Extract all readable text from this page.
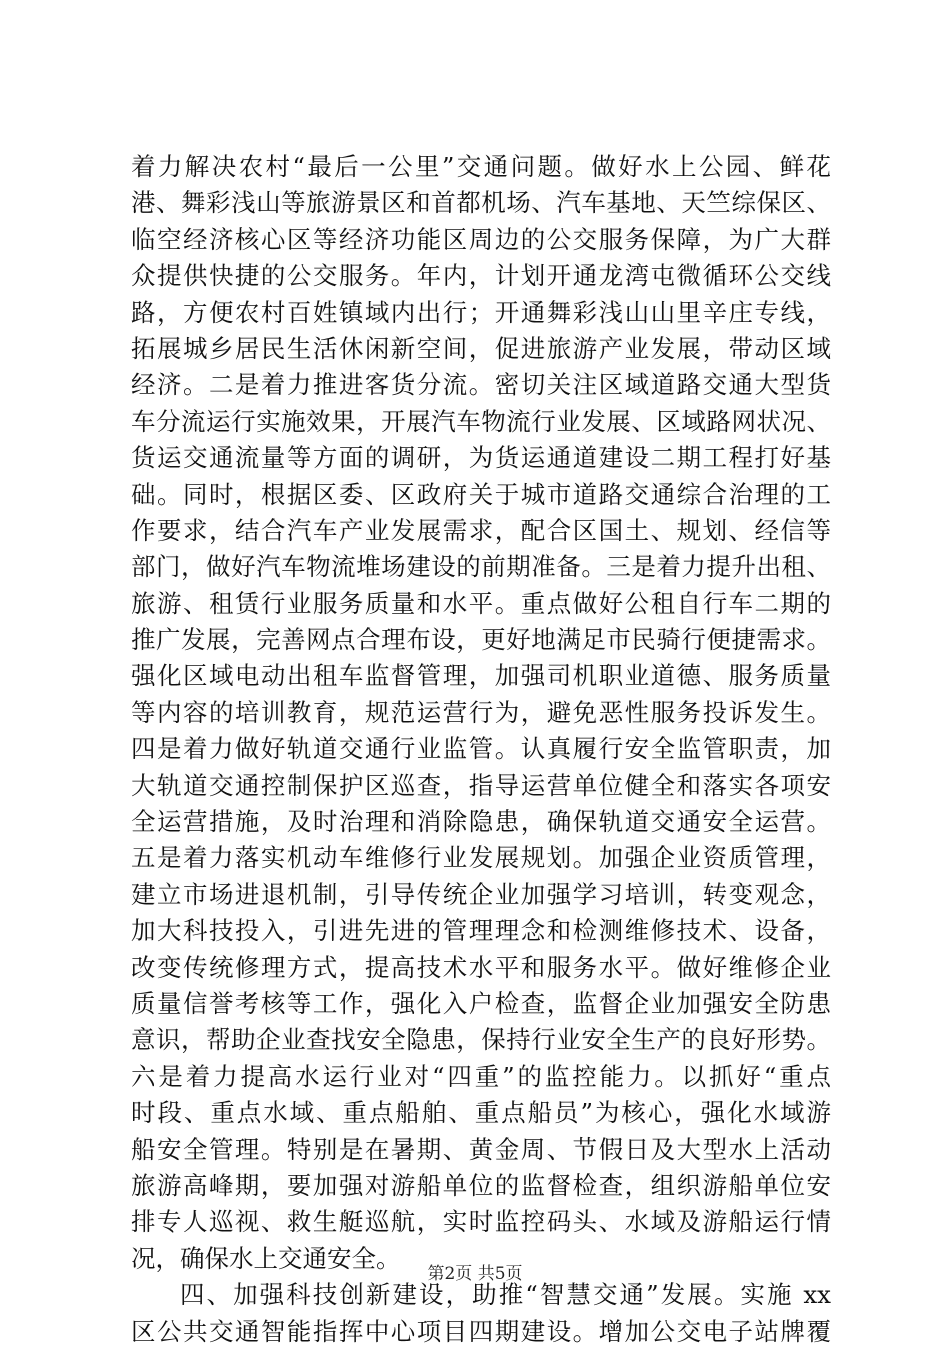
着力解决农村“最后一公里”交通问题。做好水上公园、鲜花
港、舞彩浅山等旅游景区和首都机场、汽车基地、天竺综保区、
临空经济核心区等经济功能区周边的公交服务保障，为广大群
众提供快捷的公交服务。年内，计划开通龙湾屯微循环公交线
路，方便农村百姓镇域内出行；开通舞彩浅山山里辛庄专线，
拓展城乡居民生活休闲新空间，促进旅游产业发展，带动区域
经济。二是着力推进客货分流。密切关注区域道路交通大型货
车分流运行实施效果，开展汽车物流行业发展、区域路网状况、
货运交通流量等方面的调研，为货运通道建设二期工程打好基
础。同时，根据区委、区政府关于城市道路交通综合治理的工
作要求，结合汽车产业发展需求，配合区国土、规划、经信等
部门，做好汽车物流堆场建设的前期准备。三是着力提升出租、
旅游、租赁行业服务质量和水平。重点做好公租自行车二期的
推广发展，完善网点合理布设，更好地满足市民骑行便捷需求。
强化区域电动出租车监督管理，加强司机职业道德、服务质量
等内容的培训教育，规范运营行为，避免恶性服务投诉发生。
四是着力做好轨道交通行业监管。认真履行安全监管职责，加
大轨道交通控制保护区巡查，指导运营单位健全和落实各项安
全运营措施，及时治理和消除隐患，确保轨道交通安全运营。
五是着力落实机动车维修行业发展规划。加强企业资质管理，
建立市场进退机制，引导传统企业加强学习培训，转变观念，
加大科技投入，引进先进的管理理念和检测维修技术、设备，
改变传统修理方式，提高技术水平和服务水平。做好维修企业
质量信誉考核等工作，强化入户检查，监督企业加强安全防患
意识，帮助企业查找安全隐患，保持行业安全生产的良好形势。
六是着力提高水运行业对“四重”的监控能力。以抓好“重点
时段、重点水域、重点船舶、重点船员”为核心，强化水域游
船安全管理。特别是在暑期、黄金周、节假日及大型水上活动
旅游高峰期，要加强对游船单位的监督检查，组织游船单位安
排专人巡视、救生艇巡航，实时监控码头、水域及游船运行情
况，确保水上交通安全。
四、加强科技创新建设，助推“智慧交通”发展。实施 xx
区公共交通智能指挥中心项目四期建设。增加公交电子站牌覆
第2页 共5页
